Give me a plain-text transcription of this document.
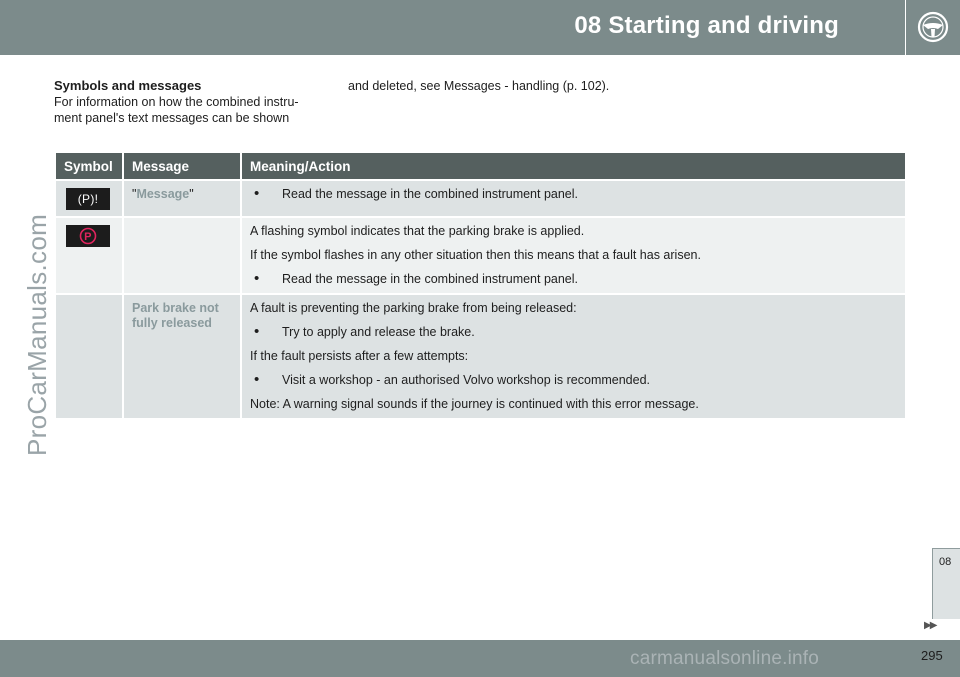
08 Starting and driving
ProCarManuals.com
Symbols and messages
For information on how the combined instru-ment panel's text messages can be shown
and deleted, see Messages - handling (p. 102).
Symbol	Message	Meaning/Action

(P)!	"Message"	• Read the message in the combined instrument panel.

P		A flashing symbol indicates that the parking brake is applied.

If the symbol flashes in any other situation then this means that a fault has arisen.

• Read the message in the combined instrument panel.

	Park brake not fully released	A fault is preventing the parking brake from being released:

• Try to apply and release the brake.

If the fault persists after a few attempts:

• Visit a workshop - an authorised Volvo workshop is recommended.

Note: A warning signal sounds if the journey is continued with this error message.

08
▶▶
carmanualsonline.info	295
